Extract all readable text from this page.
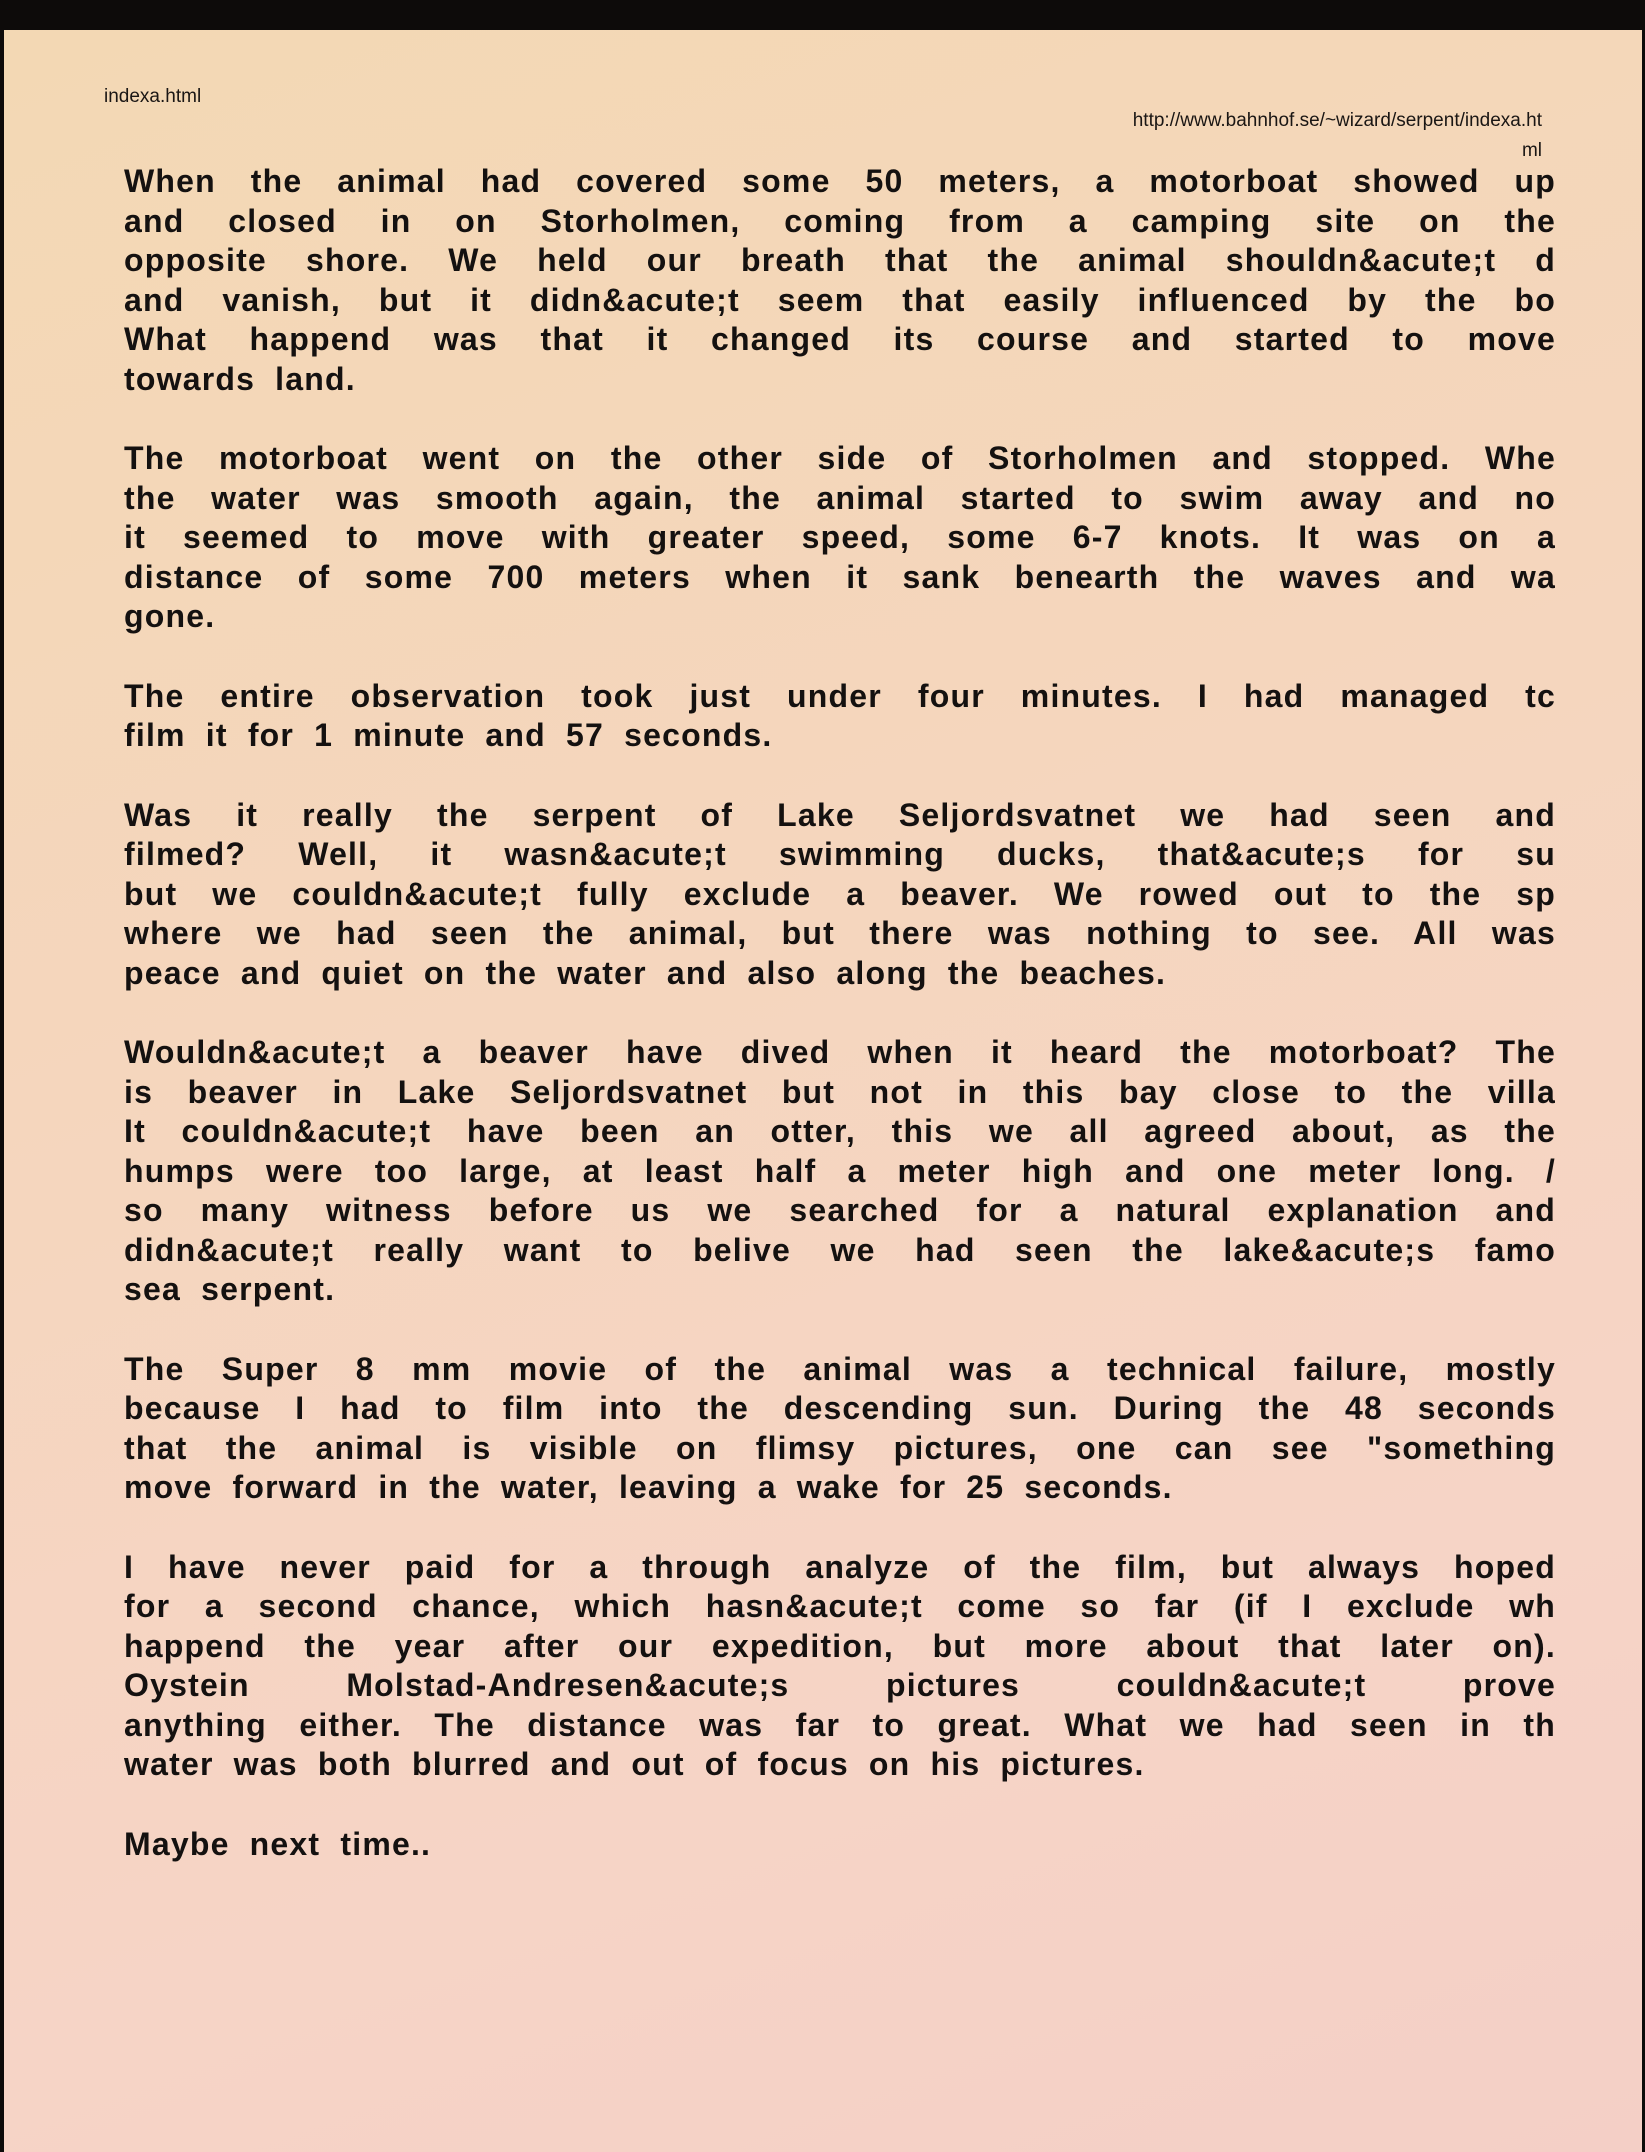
indexa.html
http://www.bahnhof.se/~wizard/serpent/indexa.ht
ml
When the animal had covered some 50 meters, a motorboat showed up
and closed in on Storholmen, coming from a camping site on the
opposite shore. We held our breath that the animal shouldn&acute;t d
and vanish, but it didn&acute;t seem that easily influenced by the bo
What happend was that it changed its course and started to move
towards land.
The motorboat went on the other side of Storholmen and stopped. Whe
the water was smooth again, the animal started to swim away and no
it seemed to move with greater speed, some 6-7 knots. It was on a
distance of some 700 meters when it sank benearth the waves and wa
gone.
The entire observation took just under four minutes. I had managed tc
film it for 1 minute and 57 seconds.
Was it really the serpent of Lake Seljordsvatnet we had seen and
filmed? Well, it wasn&acute;t swimming ducks, that&acute;s for su
but we couldn&acute;t fully exclude a beaver. We rowed out to the sp
where we had seen the animal, but there was nothing to see. All was
peace and quiet on the water and also along the beaches.
Wouldn&acute;t a beaver have dived when it heard the motorboat? The
is beaver in Lake Seljordsvatnet but not in this bay close to the villa
It couldn&acute;t have been an otter, this we all agreed about, as the
humps were too large, at least half a meter high and one meter long. /
so many witness before us we searched for a natural explanation and
didn&acute;t really want to belive we had seen the lake&acute;s famo
sea serpent.
The Super 8 mm movie of the animal was a technical failure, mostly
because I had to film into the descending sun. During the 48 seconds
that the animal is visible on flimsy pictures, one can see "something
move forward in the water, leaving a wake for 25 seconds.
I have never paid for a through analyze of the film, but always hoped
for a second chance, which hasn&acute;t come so far (if I exclude wh
happend the year after our expedition, but more about that later on).
Oystein Molstad-Andresen&acute;s pictures couldn&acute;t prove
anything either. The distance was far to great. What we had seen in th
water was both blurred and out of focus on his pictures.
Maybe next time..
